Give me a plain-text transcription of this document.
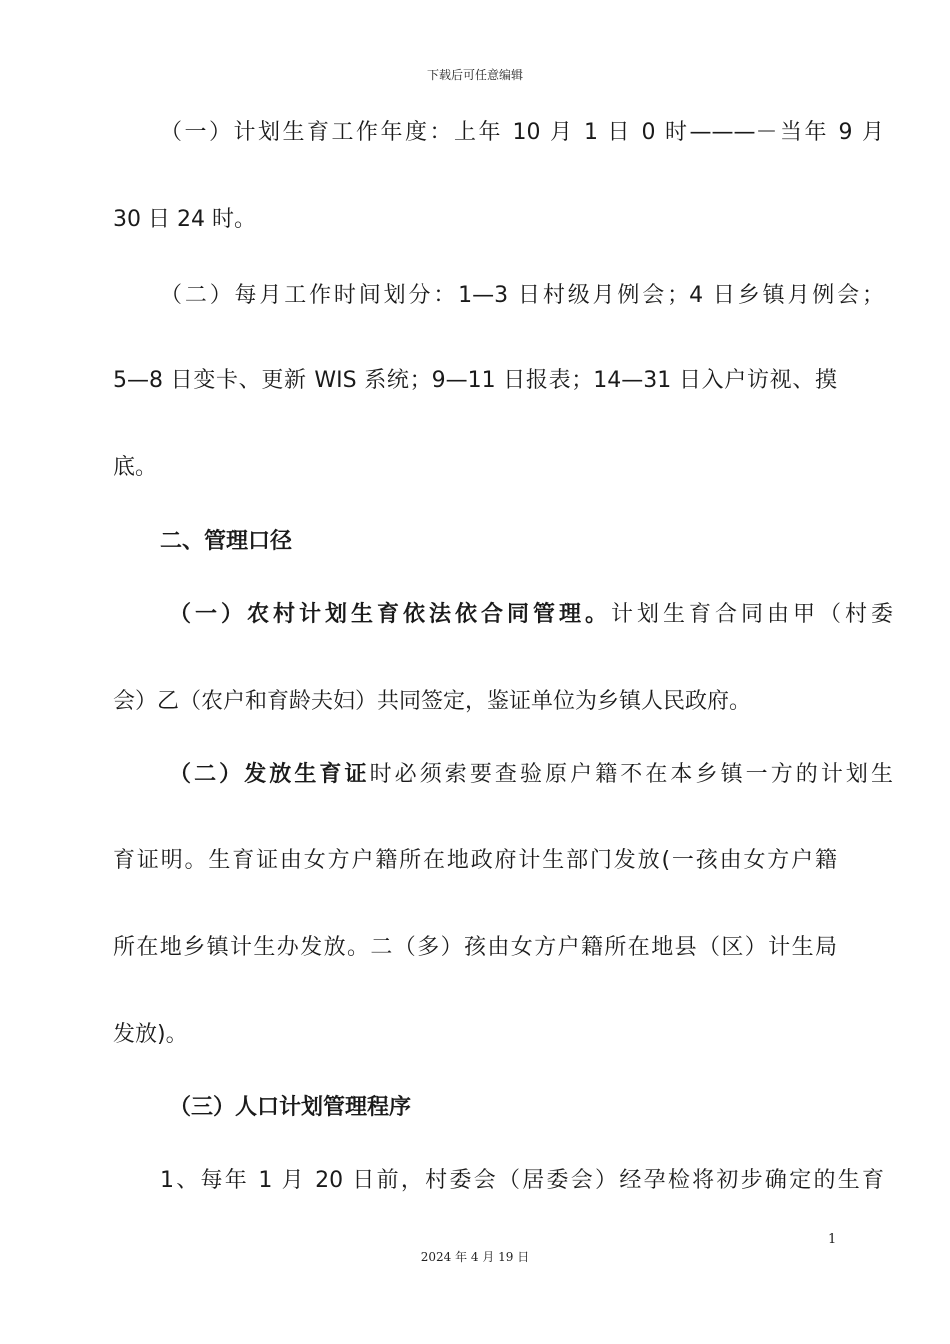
下载后可任意编辑
（一）计划生育工作年度：上年 10 月 1 日 0 时———－当年 9 月
30 日 24 时。
（二）每月工作时间划分：1—3 日村级月例会；4 日乡镇月例会；
5—8 日变卡、更新 WIS 系统；9—11 日报表；14—31 日入户访视、摸
底。
二、管理口径
（一）农村计划生育依法依合同管理。计划生育合同由甲（村委
会）乙（农户和育龄夫妇）共同签定，鉴证单位为乡镇人民政府。
（二）发放生育证时必须索要查验原户籍不在本乡镇一方的计划生
育证明。生育证由女方户籍所在地政府计生部门发放(一孩由女方户籍
所在地乡镇计生办发放。二（多）孩由女方户籍所在地县（区）计生局
发放)。
（三）人口计划管理程序
1、每年 1 月 20 日前，村委会（居委会）经孕检将初步确定的生育
1
2024 年 4 月 19 日
